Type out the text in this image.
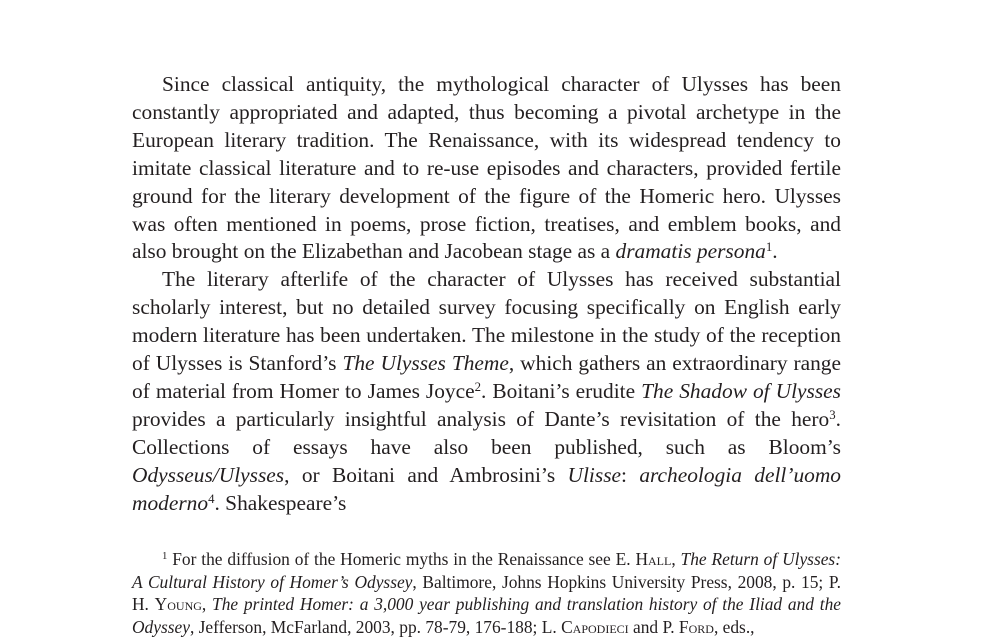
Since classical antiquity, the mythological character of Ulysses has been constantly appropriated and adapted, thus becoming a pivotal archetype in the European literary tradition. The Renaissance, with its widespread tendency to imitate classical literature and to re-use episodes and characters, provided fertile ground for the literary development of the figure of the Homeric hero. Ulysses was often mentioned in poems, prose fiction, treatises, and emblem books, and also brought on the Elizabethan and Jacobean stage as a dramatis persona$^1$.

The literary afterlife of the character of Ulysses has received substantial scholarly interest, but no detailed survey focusing specifically on English early modern literature has been undertaken. The milestone in the study of the reception of Ulysses is Stanford’s The Ulysses Theme, which gathers an extraordinary range of material from Homer to James Joyce$^2$. Boitani’s erudite The Shadow of Ulysses provides a particularly insightful analysis of Dante’s revisitation of the hero$^3$. Collections of essays have also been published, such as Bloom’s Odysseus/Ulysses, or Boitani and Ambrosini’s Ulisse: archeologia dell’uomo moderno$^4$. Shakespeare’s

$^1$ For the diffusion of the Homeric myths in the Renaissance see E. Hall, The Return of Ulysses: A Cultural History of Homer’s Odyssey, Baltimore, Johns Hopkins University Press, 2008, p. 15; P. H. Young, The printed Homer: a 3,000 year publishing and translation history of the Iliad and the Odyssey, Jefferson, McFarland, 2003, pp. 78-79, 176-188; L. Capodieci and P. Ford, eds.,
